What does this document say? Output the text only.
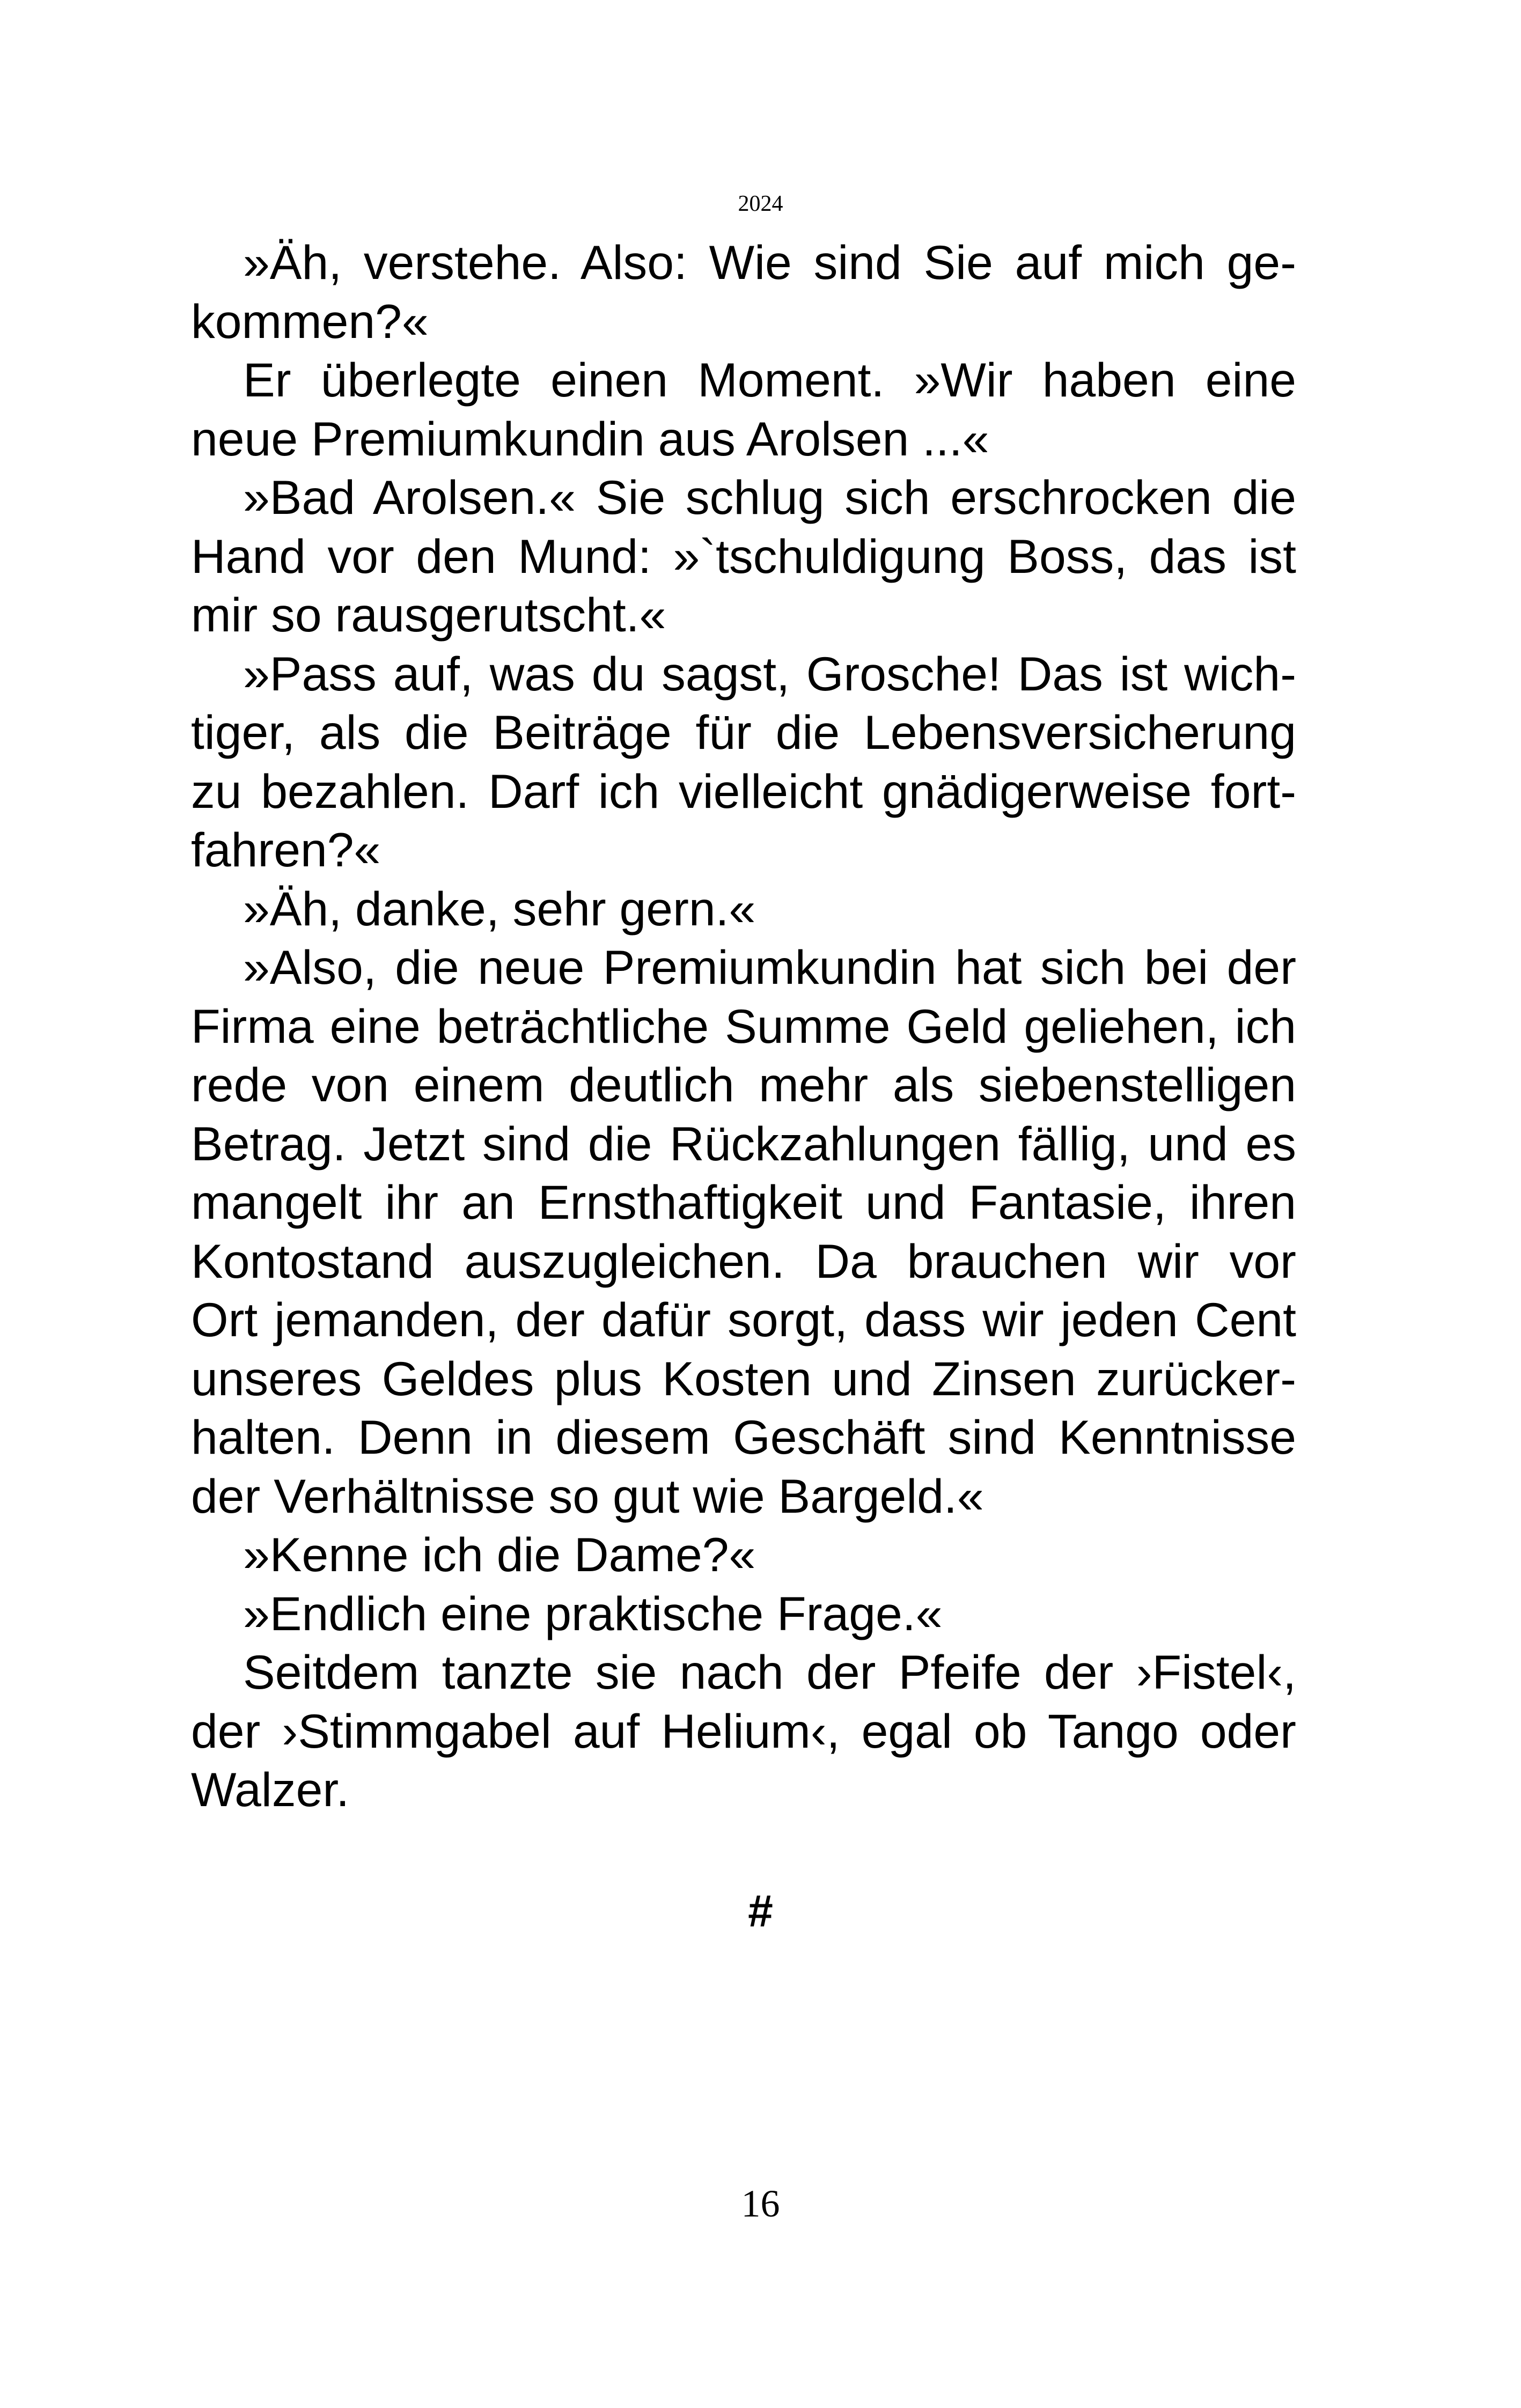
2024
»Äh, verstehe. Also: Wie sind Sie auf mich ge-
kommen?«
Er überlegte einen Moment. »Wir haben eine
neue Premiumkundin aus Arolsen ...«
»Bad Arolsen.« Sie schlug sich erschrocken die
Hand vor den Mund: »`tschuldigung Boss, das ist
mir so rausgerutscht.«
»Pass auf, was du sagst, Grosche! Das ist wich-
tiger, als die Beiträge für die Lebensversicherung
zu bezahlen. Darf ich vielleicht gnädigerweise fort-
fahren?«
»Äh, danke, sehr gern.«
»Also, die neue Premiumkundin hat sich bei der
Firma eine beträchtliche Summe Geld geliehen, ich
rede von einem deutlich mehr als siebenstelligen
Betrag. Jetzt sind die Rückzahlungen fällig, und es
mangelt ihr an Ernsthaftigkeit und Fantasie, ihren
Kontostand auszugleichen. Da brauchen wir vor
Ort jemanden, der dafür sorgt, dass wir jeden Cent
unseres Geldes plus Kosten und Zinsen zurücker-
halten. Denn in diesem Geschäft sind Kenntnisse
der Verhältnisse so gut wie Bargeld.«
»Kenne ich die Dame?«
»Endlich eine praktische Frage.«
Seitdem tanzte sie nach der Pfeife der ›Fistel‹,
der ›Stimmgabel auf Helium‹, egal ob Tango oder
Walzer.
#
16
